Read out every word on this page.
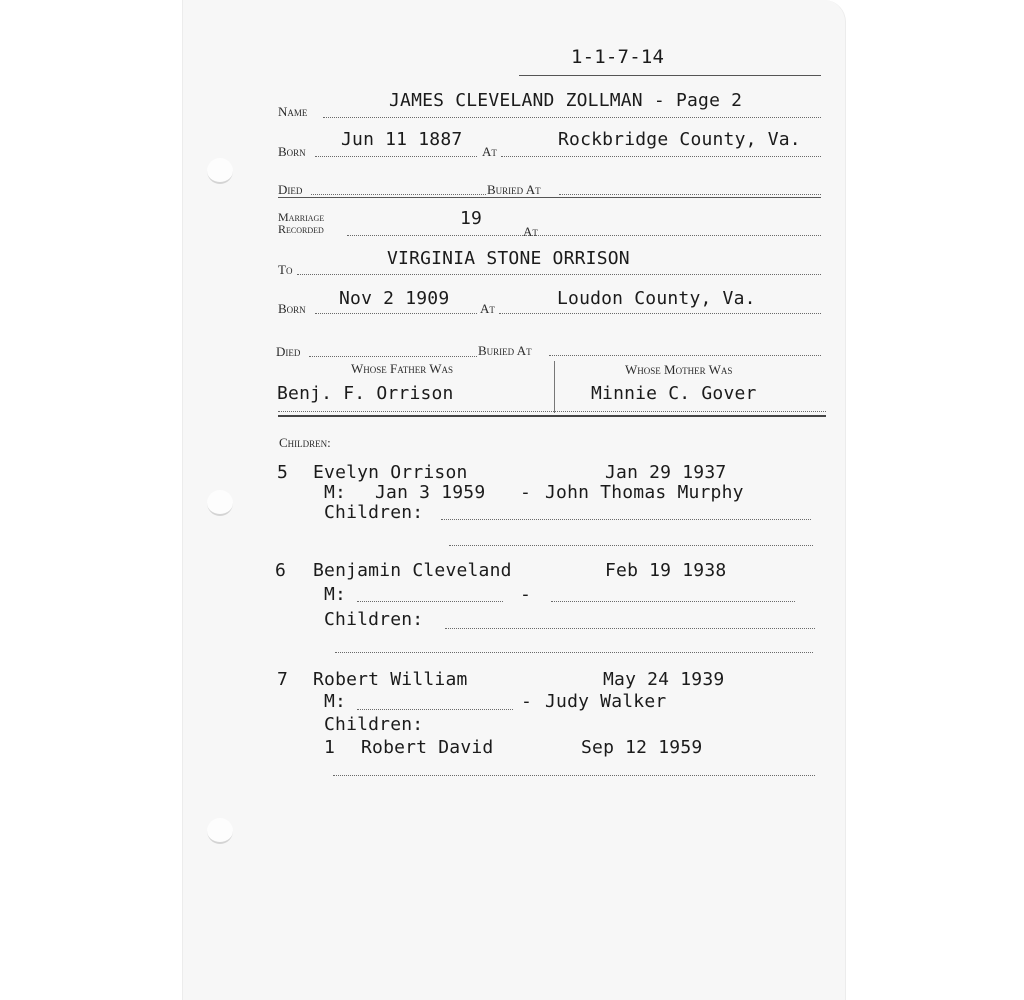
1-1-7-14
Name
JAMES CLEVELAND ZOLLMAN - Page 2
Born
Jun 11 1887
At
Rockbridge County, Va.
Died	Buried At
Marriage
Recorded	19
At
To
VIRGINIA STONE ORRISON
Born Nov 2 1909 At	Loudon County, Va.
Died	Buried At
Whose Father Was	Whose Mother Was
Benj. F. Orrison	Minnie C. Gover
Children:
5 Evelyn Orrison	Jan 29 1937
M: Jan 3 1959 - John Thomas Murphy
Children:
6 Benjamin Cleveland	Feb 19 1938
M:	-
Children:
7 Robert William	May 24 1939
M:	- Judy Walker
Children:
1 Robert David	Sep 12 1959
